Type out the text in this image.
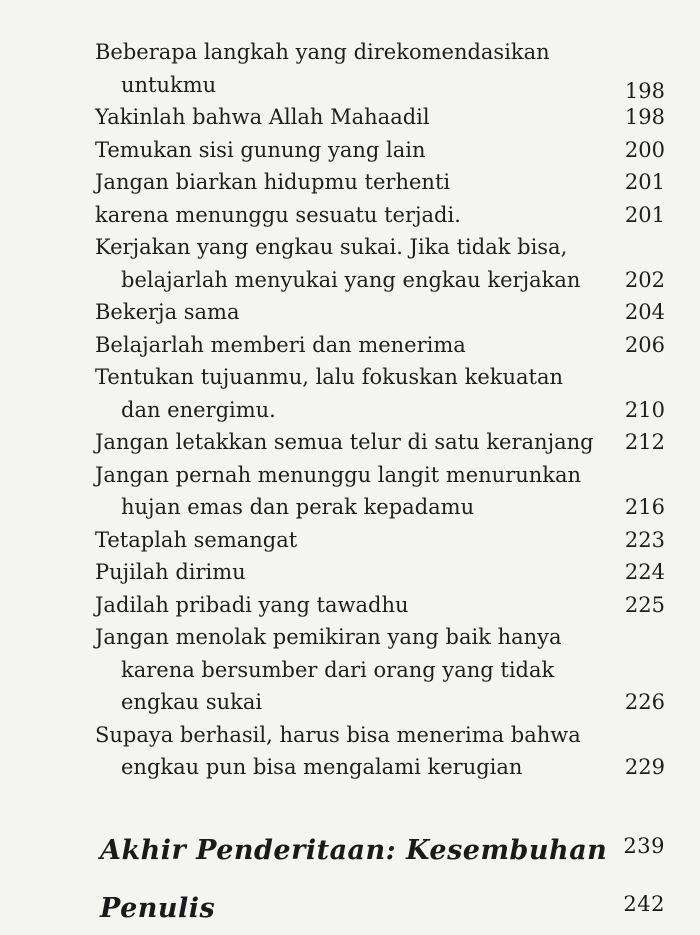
Beberapa langkah yang direkomendasikan
untukmu	198
Yakinlah bahwa Allah Mahaadil	198
Temukan sisi gunung yang lain	200
Jangan biarkan hidupmu terhenti	201
karena menunggu sesuatu terjadi.	201
Kerjakan yang engkau sukai. Jika tidak bisa,
belajarlah menyukai yang engkau kerjakan	202
Bekerja sama	204
Belajarlah memberi dan menerima	206
Tentukan tujuanmu, lalu fokuskan kekuatan
dan energimu.	210
Jangan letakkan semua telur di satu keranjang	212
Jangan pernah menunggu langit menurunkan
hujan emas dan perak kepadamu	216
Tetaplah semangat	223
Pujilah dirimu	224
Jadilah pribadi yang tawadhu	225
Jangan menolak pemikiran yang baik hanya
karena bersumber dari orang yang tidak
engkau sukai	226
Supaya berhasil, harus bisa menerima bahwa
engkau pun bisa mengalami kerugian	229
Akhir Penderitaan: Kesembuhan 239
Penulis	242
